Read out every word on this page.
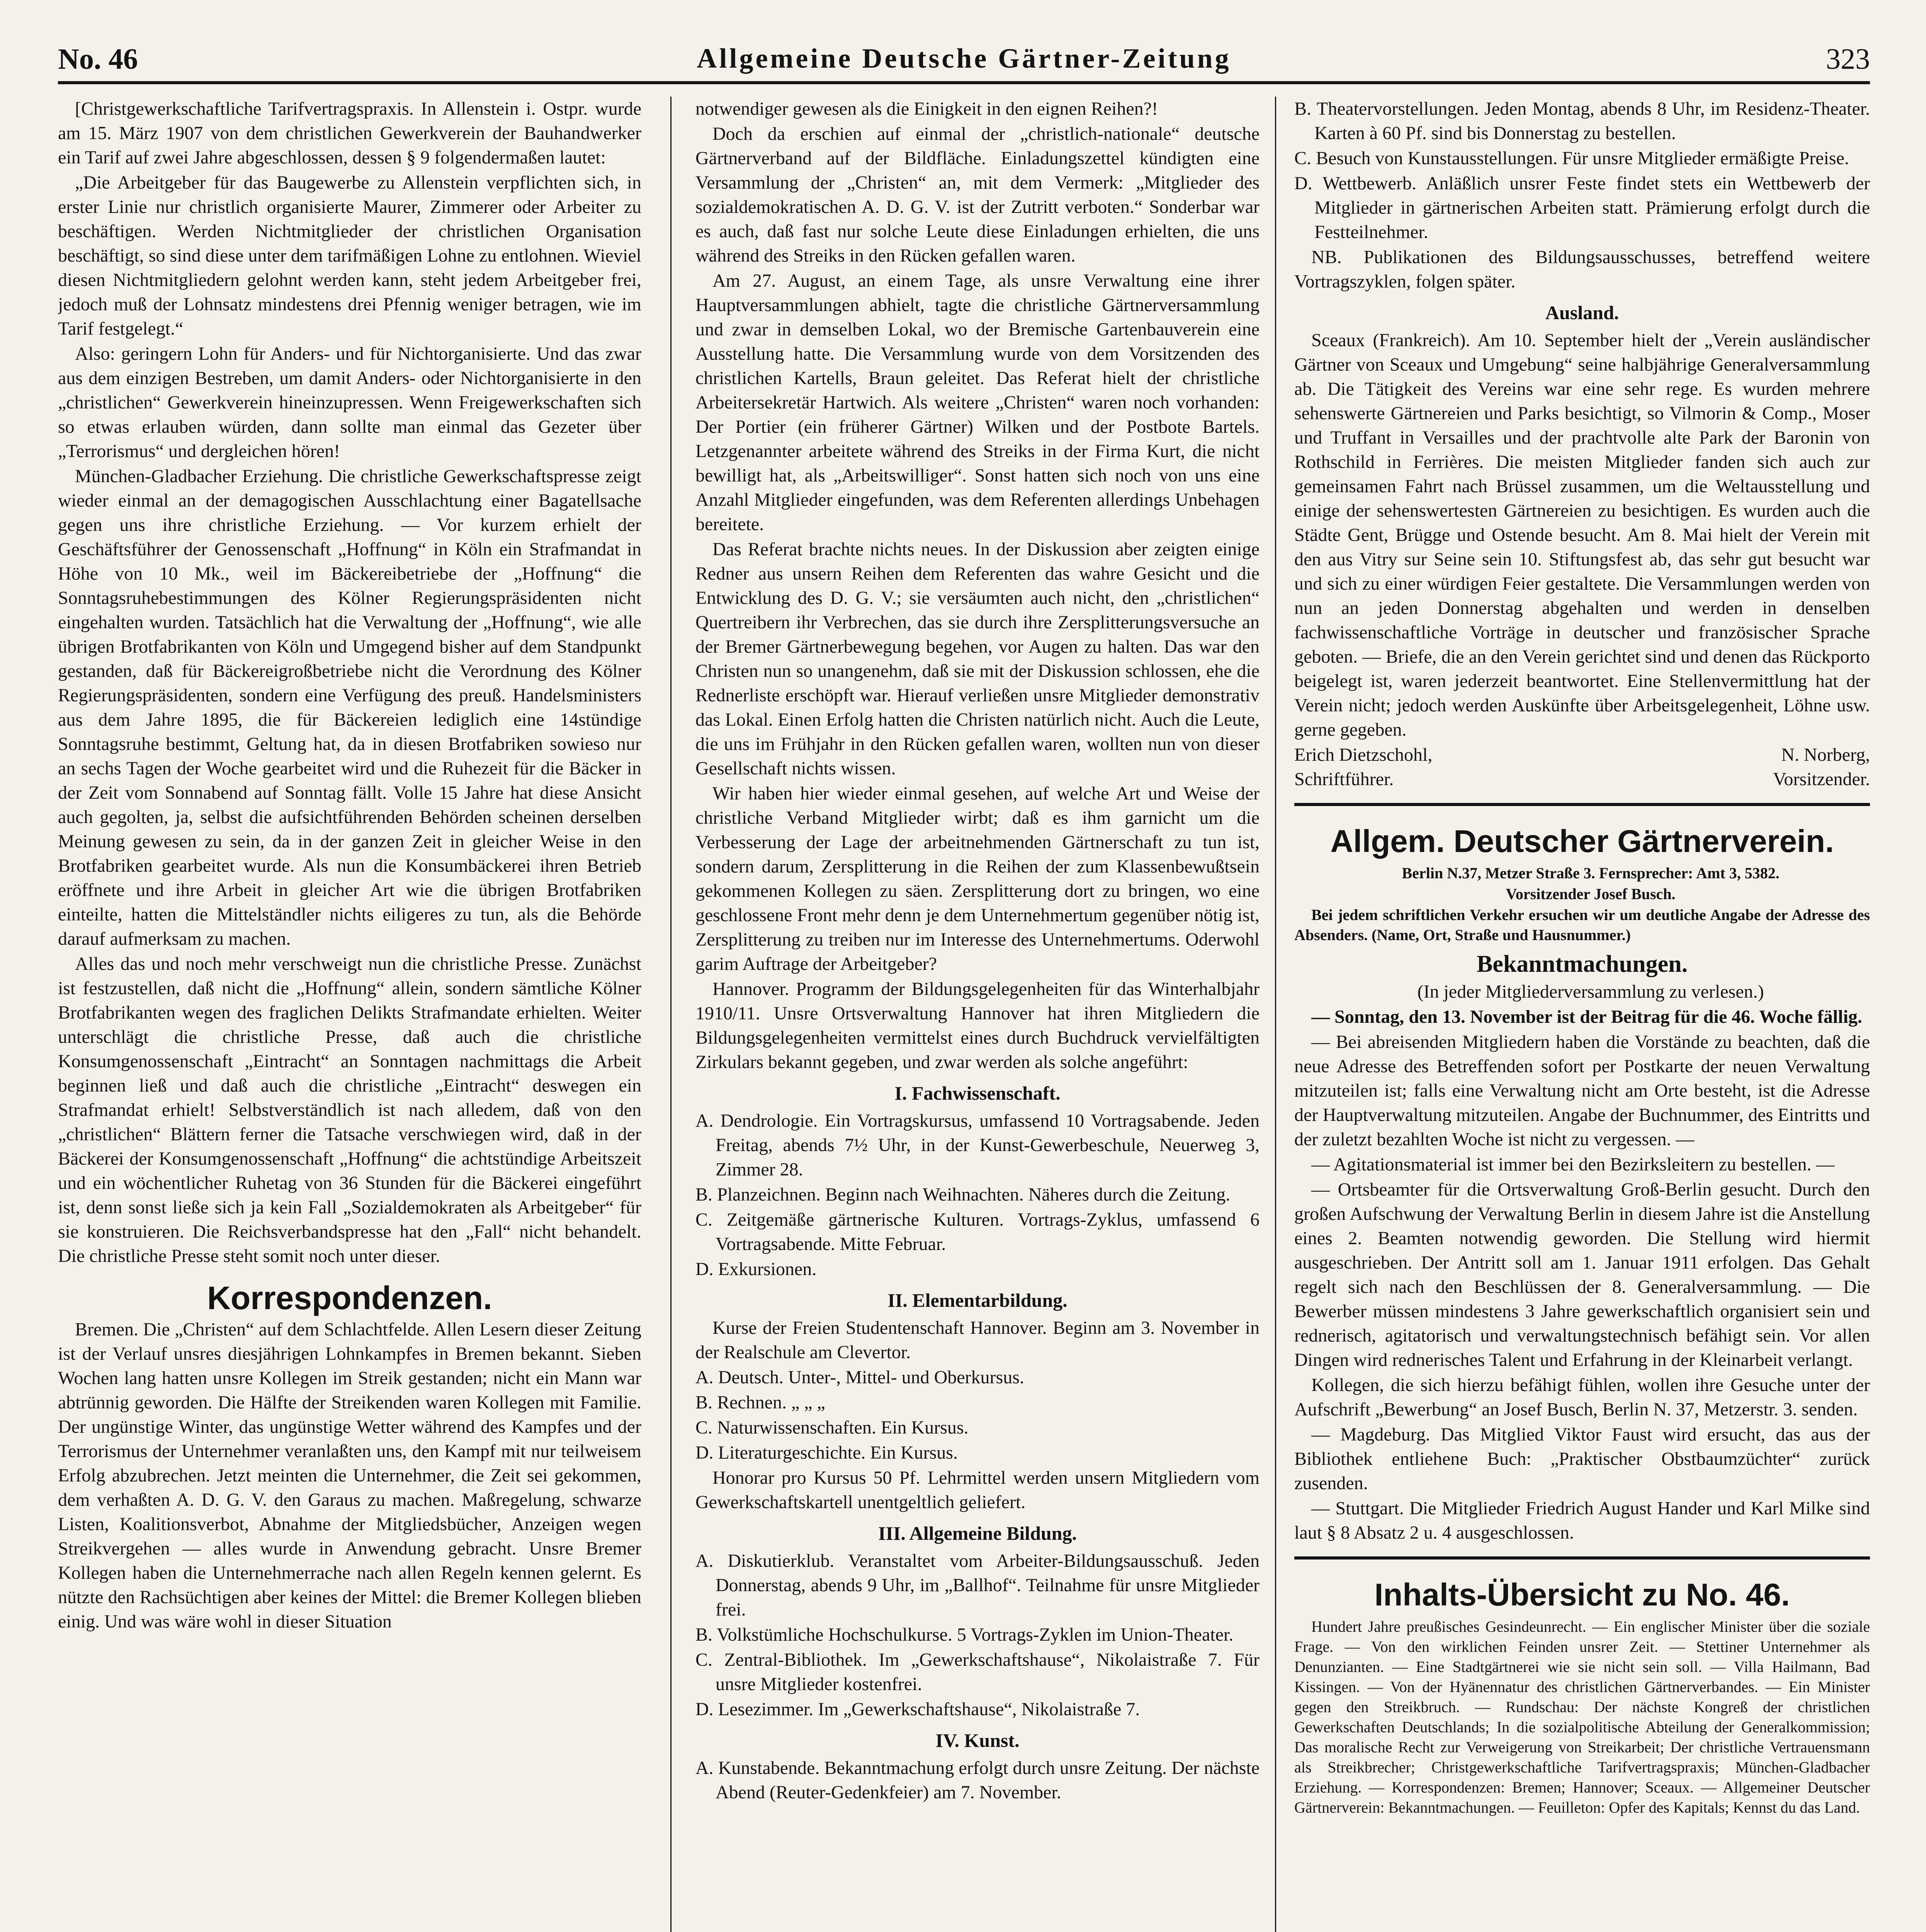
No. 46	Allgemeine Deutsche Gärtner-Zeitung	323

[Christgewerkschaftliche Tarifvertragspraxis. In Allenstein i. Ostpr. wurde am 15. März 1907 von dem christlichen Gewerkverein der Bauhandwerker ein Tarif auf zwei Jahre abgeschlossen, dessen § 9 folgendermaßen lautet:

„Die Arbeitgeber für das Baugewerbe zu Allenstein verpflichten sich, in erster Linie nur christlich organisierte Maurer, Zimmerer oder Arbeiter zu beschäftigen. Werden Nichtmitglieder der christlichen Organisation beschäftigt, so sind diese unter dem tarifmäßigen Lohne zu entlohnen. Wieviel diesen Nichtmitgliedern gelohnt werden kann, steht jedem Arbeitgeber frei, jedoch muß der Lohnsatz mindestens drei Pfennig weniger betragen, wie im Tarif festgelegt.“

Also: geringern Lohn für Anders- und für Nichtorganisierte. Und das zwar aus dem einzigen Bestreben, um damit Anders- oder Nichtorganisierte in den „christlichen“ Gewerkverein hineinzupressen. Wenn Freigewerkschaften sich so etwas erlauben würden, dann sollte man einmal das Gezeter über „Terrorismus“ und dergleichen hören!

München-Gladbacher Erziehung. Die christliche Gewerkschaftspresse zeigt wieder einmal an der demagogischen Ausschlachtung einer Bagatellsache gegen uns ihre christliche Erziehung. — Vor kurzem erhielt der Geschäftsführer der Genossenschaft „Hoffnung“ in Köln ein Strafmandat in Höhe von 10 Mk., weil im Bäckereibetriebe der „Hoffnung“ die Sonntagsruhebestimmungen des Kölner Regierungspräsidenten nicht eingehalten wurden. Tatsächlich hat die Verwaltung der „Hoffnung“, wie alle übrigen Brotfabrikanten von Köln und Umgegend bisher auf dem Standpunkt gestanden, daß für Bäckereigroßbetriebe nicht die Verordnung des Kölner Regierungspräsidenten, sondern eine Verfügung des preuß. Handelsministers aus dem Jahre 1895, die für Bäckereien lediglich eine 14stündige Sonntagsruhe bestimmt, Geltung hat, da in diesen Brotfabriken sowieso nur an sechs Tagen der Woche gearbeitet wird und die Ruhezeit für die Bäcker in der Zeit vom Sonnabend auf Sonntag fällt. Volle 15 Jahre hat diese Ansicht auch gegolten, ja, selbst die aufsichtführenden Behörden scheinen derselben Meinung gewesen zu sein, da in der ganzen Zeit in gleicher Weise in den Brotfabriken gearbeitet wurde. Als nun die Konsumbäckerei ihren Betrieb eröffnete und ihre Arbeit in gleicher Art wie die übrigen Brotfabriken einteilte, hatten die Mittelständler nichts eiligeres zu tun, als die Behörde darauf aufmerksam zu machen.

Alles das und noch mehr verschweigt nun die christliche Presse. Zunächst ist festzustellen, daß nicht die „Hoffnung“ allein, sondern sämtliche Kölner Brotfabrikanten wegen des fraglichen Delikts Strafmandate erhielten. Weiter unterschlägt die christliche Presse, daß auch die christliche Konsumgenossenschaft „Eintracht“ an Sonntagen nachmittags die Arbeit beginnen ließ und daß auch die christliche „Eintracht“ deswegen ein Strafmandat erhielt! Selbstverständlich ist nach alledem, daß von den „christlichen“ Blättern ferner die Tatsache verschwiegen wird, daß in der Bäckerei der Konsumgenossenschaft „Hoffnung“ die achtstündige Arbeitszeit und ein wöchentlicher Ruhetag von 36 Stunden für die Bäckerei eingeführt ist, denn sonst ließe sich ja kein Fall „Sozialdemokraten als Arbeitgeber“ für sie konstruieren. Die Reichsverbandspresse hat den „Fall“ nicht behandelt. Die christliche Presse steht somit noch unter dieser.

Korrespondenzen.

Bremen. Die „Christen“ auf dem Schlachtfelde. Allen Lesern dieser Zeitung ist der Verlauf unsres diesjährigen Lohnkampfes in Bremen bekannt. Sieben Wochen lang hatten unsre Kollegen im Streik gestanden; nicht ein Mann war abtrünnig geworden. Die Hälfte der Streikenden waren Kollegen mit Familie. Der ungünstige Winter, das ungünstige Wetter während des Kampfes und der Terrorismus der Unternehmer veranlaßten uns, den Kampf mit nur teilweisem Erfolg abzubrechen. Jetzt meinten die Unternehmer, die Zeit sei gekommen, dem verhaßten A. D. G. V. den Garaus zu machen. Maßregelung, schwarze Listen, Koalitionsverbot, Abnahme der Mitgliedsbücher, Anzeigen wegen Streikvergehen — alles wurde in Anwendung gebracht. Unsre Bremer Kollegen haben die Unternehmerrache nach allen Regeln kennen gelernt. Es nützte den Rachsüchtigen aber keines der Mittel: die Bremer Kollegen blieben einig. Und was wäre wohl in dieser Situation

notwendiger gewesen als die Einigkeit in den eignen Reihen?!

Doch da erschien auf einmal der „christlich-nationale“ deutsche Gärtnerverband auf der Bildfläche. Einladungszettel kündigten eine Versammlung der „Christen“ an, mit dem Vermerk: „Mitglieder des sozialdemokratischen A. D. G. V. ist der Zutritt verboten.“ Sonderbar war es auch, daß fast nur solche Leute diese Einladungen erhielten, die uns während des Streiks in den Rücken gefallen waren.

Am 27. August, an einem Tage, als unsre Verwaltung eine ihrer Hauptversammlungen abhielt, tagte die christliche Gärtnerversammlung und zwar in demselben Lokal, wo der Bremische Gartenbauverein eine Ausstellung hatte. Die Versammlung wurde von dem Vorsitzenden des christlichen Kartells, Braun geleitet. Das Referat hielt der christliche Arbeitersekretär Hartwich. Als weitere „Christen“ waren noch vorhanden: Der Portier (ein früherer Gärtner) Wilken und der Postbote Bartels. Letzgenannter arbeitete während des Streiks in der Firma Kurt, die nicht bewilligt hat, als „Arbeitswilliger“. Sonst hatten sich noch von uns eine Anzahl Mitglieder eingefunden, was dem Referenten allerdings Unbehagen bereitete.

Das Referat brachte nichts neues. In der Diskussion aber zeigten einige Redner aus unsern Reihen dem Referenten das wahre Gesicht und die Entwicklung des D. G. V.; sie versäumten auch nicht, den „christlichen“ Quertreibern ihr Verbrechen, das sie durch ihre Zersplitterungsversuche an der Bremer Gärtnerbewegung begehen, vor Augen zu halten. Das war den Christen nun so unangenehm, daß sie mit der Diskussion schlossen, ehe die Rednerliste erschöpft war. Hierauf verließen unsre Mitglieder demonstrativ das Lokal. Einen Erfolg hatten die Christen natürlich nicht. Auch die Leute, die uns im Frühjahr in den Rücken gefallen waren, wollten nun von dieser Gesellschaft nichts wissen.

Wir haben hier wieder einmal gesehen, auf welche Art und Weise der christliche Verband Mitglieder wirbt; daß es ihm garnicht um die Verbesserung der Lage der arbeitnehmenden Gärtnerschaft zu tun ist, sondern darum, Zersplitterung in die Reihen der zum Klassenbewußtsein gekommenen Kollegen zu säen. Zersplitterung dort zu bringen, wo eine geschlossene Front mehr denn je dem Unternehmertum gegenüber nötig ist, Zersplitterung zu treiben nur im Interesse des Unternehmertums. Oderwohl garim Auftrage der Arbeitgeber?

Hannover. Programm der Bildungsgelegenheiten für das Winterhalbjahr 1910/11. Unsre Ortsverwaltung Hannover hat ihren Mitgliedern die Bildungsgelegenheiten vermittelst eines durch Buchdruck vervielfältigten Zirkulars bekannt gegeben, und zwar werden als solche angeführt:

I. Fachwissenschaft.

A. Dendrologie. Ein Vortragskursus, umfassend 10 Vortragsabende. Jeden Freitag, abends 7½ Uhr, in der Kunst-Gewerbeschule, Neuerweg 3, Zimmer 28.

B. Planzeichnen. Beginn nach Weihnachten. Näheres durch die Zeitung.

C. Zeitgemäße gärtnerische Kulturen. Vortrags-Zyklus, umfassend 6 Vortragsabende. Mitte Februar.

D. Exkursionen.

II. Elementarbildung.

Kurse der Freien Studentenschaft Hannover. Beginn am 3. November in der Realschule am Clevertor.

A. Deutsch. Unter-, Mittel- und Oberkursus.

B. Rechnen. „ „ „

C. Naturwissenschaften. Ein Kursus.

D. Literaturgeschichte. Ein Kursus.

Honorar pro Kursus 50 Pf. Lehrmittel werden unsern Mitgliedern vom Gewerkschaftskartell unentgeltlich geliefert.

III. Allgemeine Bildung.

A. Diskutierklub. Veranstaltet vom Arbeiter-Bildungsausschuß. Jeden Donnerstag, abends 9 Uhr, im „Ballhof“. Teilnahme für unsre Mitglieder frei.

B. Volkstümliche Hochschulkurse. 5 Vortrags-Zyklen im Union-Theater.

C. Zentral-Bibliothek. Im „Gewerkschaftshause“, Nikolaistraße 7. Für unsre Mitglieder kostenfrei.

D. Lesezimmer. Im „Gewerkschaftshause“, Nikolaistraße 7.

IV. Kunst.

A. Kunstabende. Bekanntmachung erfolgt durch unsre Zeitung. Der nächste Abend (Reuter-Gedenkfeier) am 7. November.

B. Theatervorstellungen. Jeden Montag, abends 8 Uhr, im Residenz-Theater. Karten à 60 Pf. sind bis Donnerstag zu bestellen.

C. Besuch von Kunstausstellungen. Für unsre Mitglieder ermäßigte Preise.

D. Wettbewerb. Anläßlich unsrer Feste findet stets ein Wettbewerb der Mitglieder in gärtnerischen Arbeiten statt. Prämierung erfolgt durch die Festteilnehmer.

NB. Publikationen des Bildungsausschusses, betreffend weitere Vortragszyklen, folgen später.

Ausland.

Sceaux (Frankreich). Am 10. September hielt der „Verein ausländischer Gärtner von Sceaux und Umgebung“ seine halbjährige Generalversammlung ab. Die Tätigkeit des Vereins war eine sehr rege. Es wurden mehrere sehenswerte Gärtnereien und Parks besichtigt, so Vilmorin & Comp., Moser und Truffant in Versailles und der prachtvolle alte Park der Baronin von Rothschild in Ferrières. Die meisten Mitglieder fanden sich auch zur gemeinsamen Fahrt nach Brüssel zusammen, um die Weltausstellung und einige der sehenswertesten Gärtnereien zu besichtigen. Es wurden auch die Städte Gent, Brügge und Ostende besucht. Am 8. Mai hielt der Verein mit den aus Vitry sur Seine sein 10. Stiftungsfest ab, das sehr gut besucht war und sich zu einer würdigen Feier gestaltete. Die Versammlungen werden von nun an jeden Donnerstag abgehalten und werden in denselben fachwissenschaftliche Vorträge in deutscher und französischer Sprache geboten. — Briefe, die an den Verein gerichtet sind und denen das Rückporto beigelegt ist, waren jederzeit beantwortet. Eine Stellenvermittlung hat der Verein nicht; jedoch werden Auskünfte über Arbeitsgelegenheit, Löhne usw. gerne gegeben.

Erich Dietzschohl,	N. Norberg,
Schriftführer.	Vorsitzender.
Allgem. Deutscher Gärtnerverein.

Berlin N.37, Metzer Straße 3. Fernsprecher: Amt 3, 5382.

Vorsitzender Josef Busch.

Bei jedem schriftlichen Verkehr ersuchen wir um deutliche Angabe der Adresse des Absenders. (Name, Ort, Straße und Hausnummer.)

Bekanntmachungen.

(In jeder Mitgliederversammlung zu verlesen.)

— Sonntag, den 13. November ist der Beitrag für die 46. Woche fällig.

— Bei abreisenden Mitgliedern haben die Vorstände zu beachten, daß die neue Adresse des Betreffenden sofort per Postkarte der neuen Verwaltung mitzuteilen ist; falls eine Verwaltung nicht am Orte besteht, ist die Adresse der Hauptverwaltung mitzuteilen. Angabe der Buchnummer, des Eintritts und der zuletzt bezahlten Woche ist nicht zu vergessen. —

— Agitationsmaterial ist immer bei den Bezirksleitern zu bestellen. —

— Ortsbeamter für die Ortsverwaltung Groß-Berlin gesucht. Durch den großen Aufschwung der Verwaltung Berlin in diesem Jahre ist die Anstellung eines 2. Beamten notwendig geworden. Die Stellung wird hiermit ausgeschrieben. Der Antritt soll am 1. Januar 1911 erfolgen. Das Gehalt regelt sich nach den Beschlüssen der 8. Generalversammlung. — Die Bewerber müssen mindestens 3 Jahre gewerkschaftlich organisiert sein und rednerisch, agitatorisch und verwaltungstechnisch befähigt sein. Vor allen Dingen wird rednerisches Talent und Erfahrung in der Kleinarbeit verlangt.

Kollegen, die sich hierzu befähigt fühlen, wollen ihre Gesuche unter der Aufschrift „Bewerbung“ an Josef Busch, Berlin N. 37, Metzerstr. 3. senden.

— Magdeburg. Das Mitglied Viktor Faust wird ersucht, das aus der Bibliothek entliehene Buch: „Praktischer Obstbaumzüchter“ zurück zusenden.

— Stuttgart. Die Mitglieder Friedrich August Hander und Karl Milke sind laut § 8 Absatz 2 u. 4 ausgeschlossen.

Inhalts-Übersicht zu No. 46.

Hundert Jahre preußisches Gesindeunrecht. — Ein englischer Minister über die soziale Frage. — Von den wirklichen Feinden unsrer Zeit. — Stettiner Unternehmer als Denunzianten. — Eine Stadtgärtnerei wie sie nicht sein soll. — Villa Hailmann, Bad Kissingen. — Von der Hyänennatur des christlichen Gärtnerverbandes. — Ein Minister gegen den Streikbruch. — Rundschau: Der nächste Kongreß der christlichen Gewerkschaften Deutschlands; In die sozialpolitische Abteilung der Generalkommission; Das moralische Recht zur Verweigerung von Streikarbeit; Der christliche Vertrauensmann als Streikbrecher; Christgewerkschaftliche Tarifvertragspraxis; München-Gladbacher Erziehung. — Korrespondenzen: Bremen; Hannover; Sceaux. — Allgemeiner Deutscher Gärtnerverein: Bekanntmachungen. — Feuilleton: Opfer des Kapitals; Kennst du das Land.
